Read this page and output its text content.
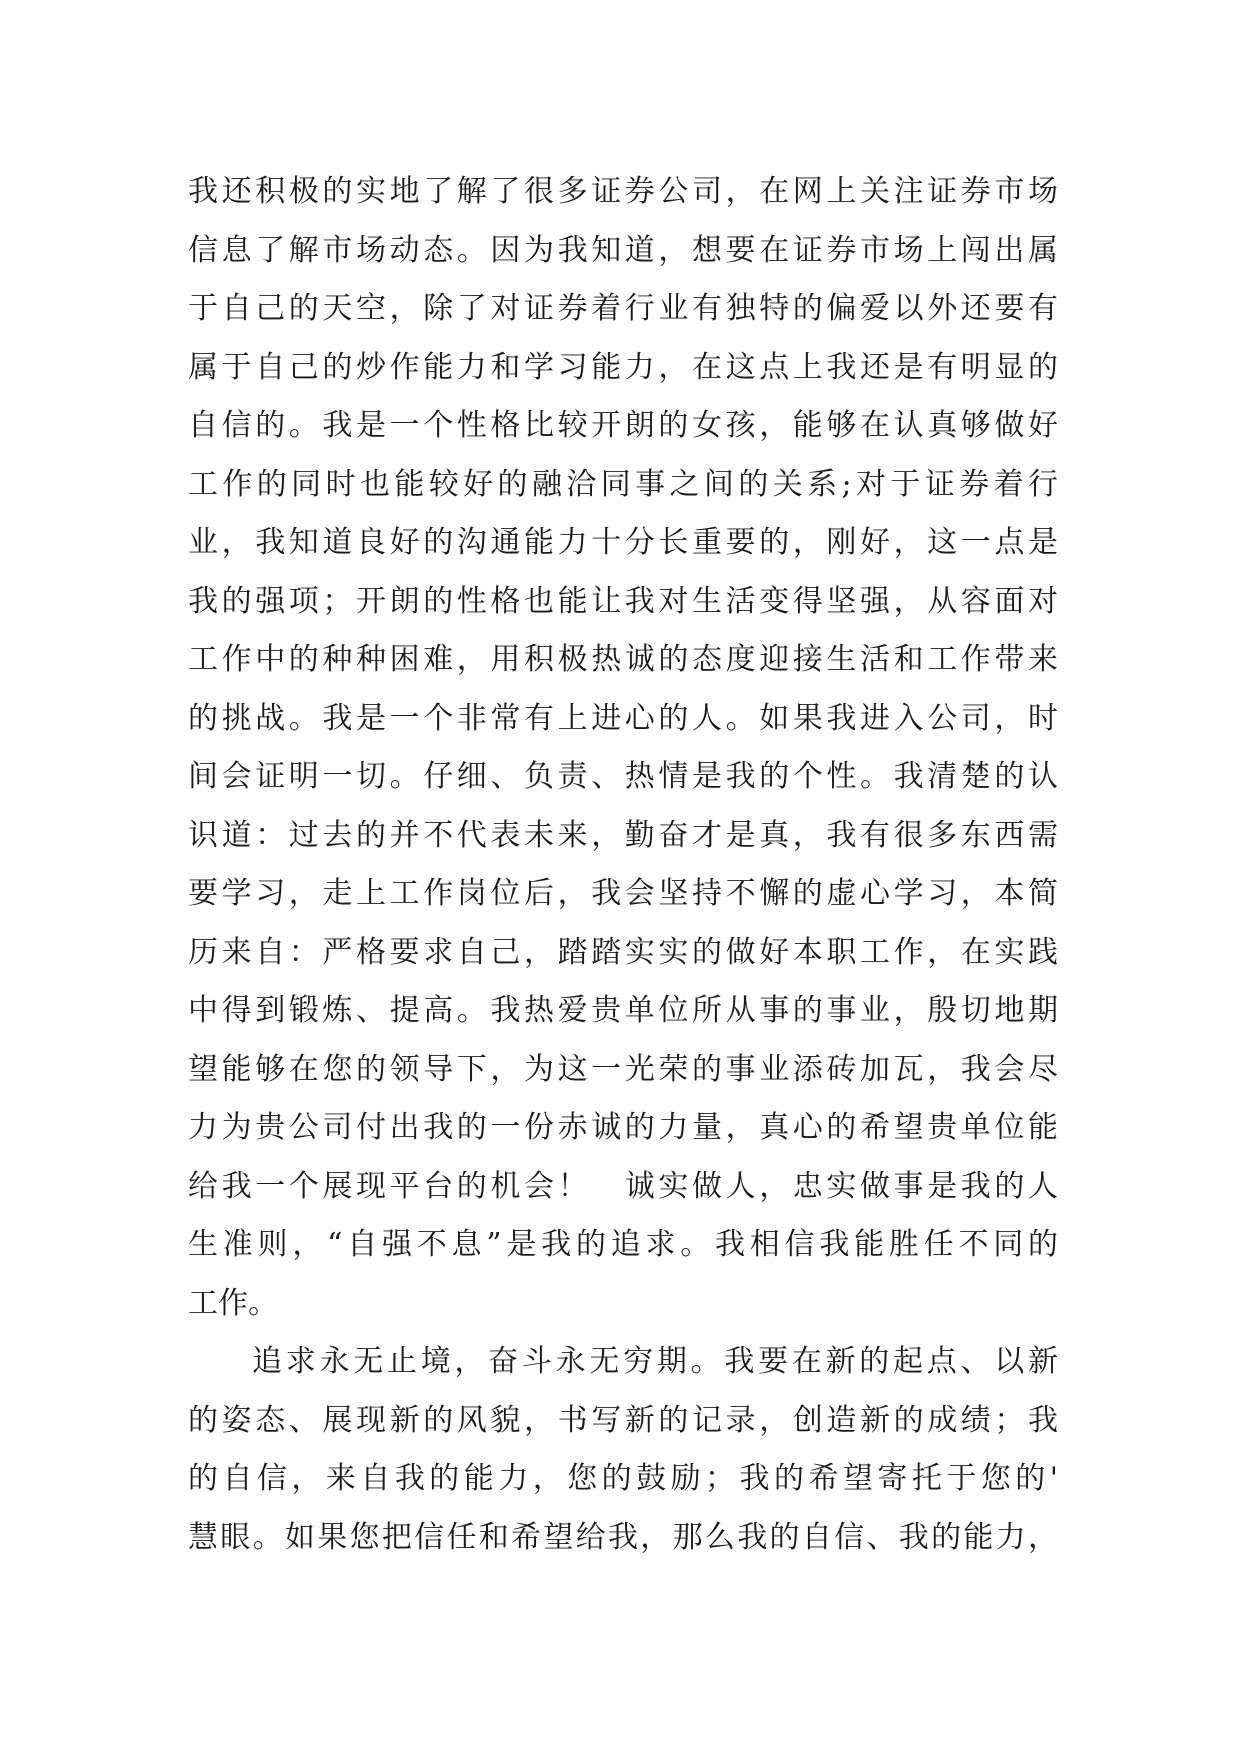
我还积极的实地了解了很多证券公司，在网上关注证券市场
信息了解市场动态。因为我知道，想要在证券市场上闯出属
于自己的天空，除了对证券着行业有独特的偏爱以外还要有
属于自己的炒作能力和学习能力，在这点上我还是有明显的
自信的。我是一个性格比较开朗的女孩，能够在认真够做好
工作的同时也能较好的融洽同事之间的关系;对于证券着行
业，我知道良好的沟通能力十分长重要的，刚好，这一点是
我的强项；开朗的性格也能让我对生活变得坚强，从容面对
工作中的种种困难，用积极热诚的态度迎接生活和工作带来
的挑战。我是一个非常有上进心的人。如果我进入公司，时
间会证明一切。仔细、负责、热情是我的个性。我清楚的认
识道：过去的并不代表未来，勤奋才是真，我有很多东西需
要学习，走上工作岗位后，我会坚持不懈的虚心学习，本简
历来自：严格要求自己，踏踏实实的做好本职工作，在实践
中得到锻炼、提高。我热爱贵单位所从事的事业，殷切地期
望能够在您的领导下，为这一光荣的事业添砖加瓦，我会尽
力为贵公司付出我的一份赤诚的力量，真心的希望贵单位能
给我一个展现平台的机会！　诚实做人，忠实做事是我的人
生准则，“自强不息”是我的追求。我相信我能胜任不同的
工作。
追求永无止境，奋斗永无穷期。我要在新的起点、以新
的姿态、展现新的风貌，书写新的记录，创造新的成绩；我
的自信，来自我的能力，您的鼓励；我的希望寄托于您的'
慧眼。如果您把信任和希望给我，那么我的自信、我的能力，
